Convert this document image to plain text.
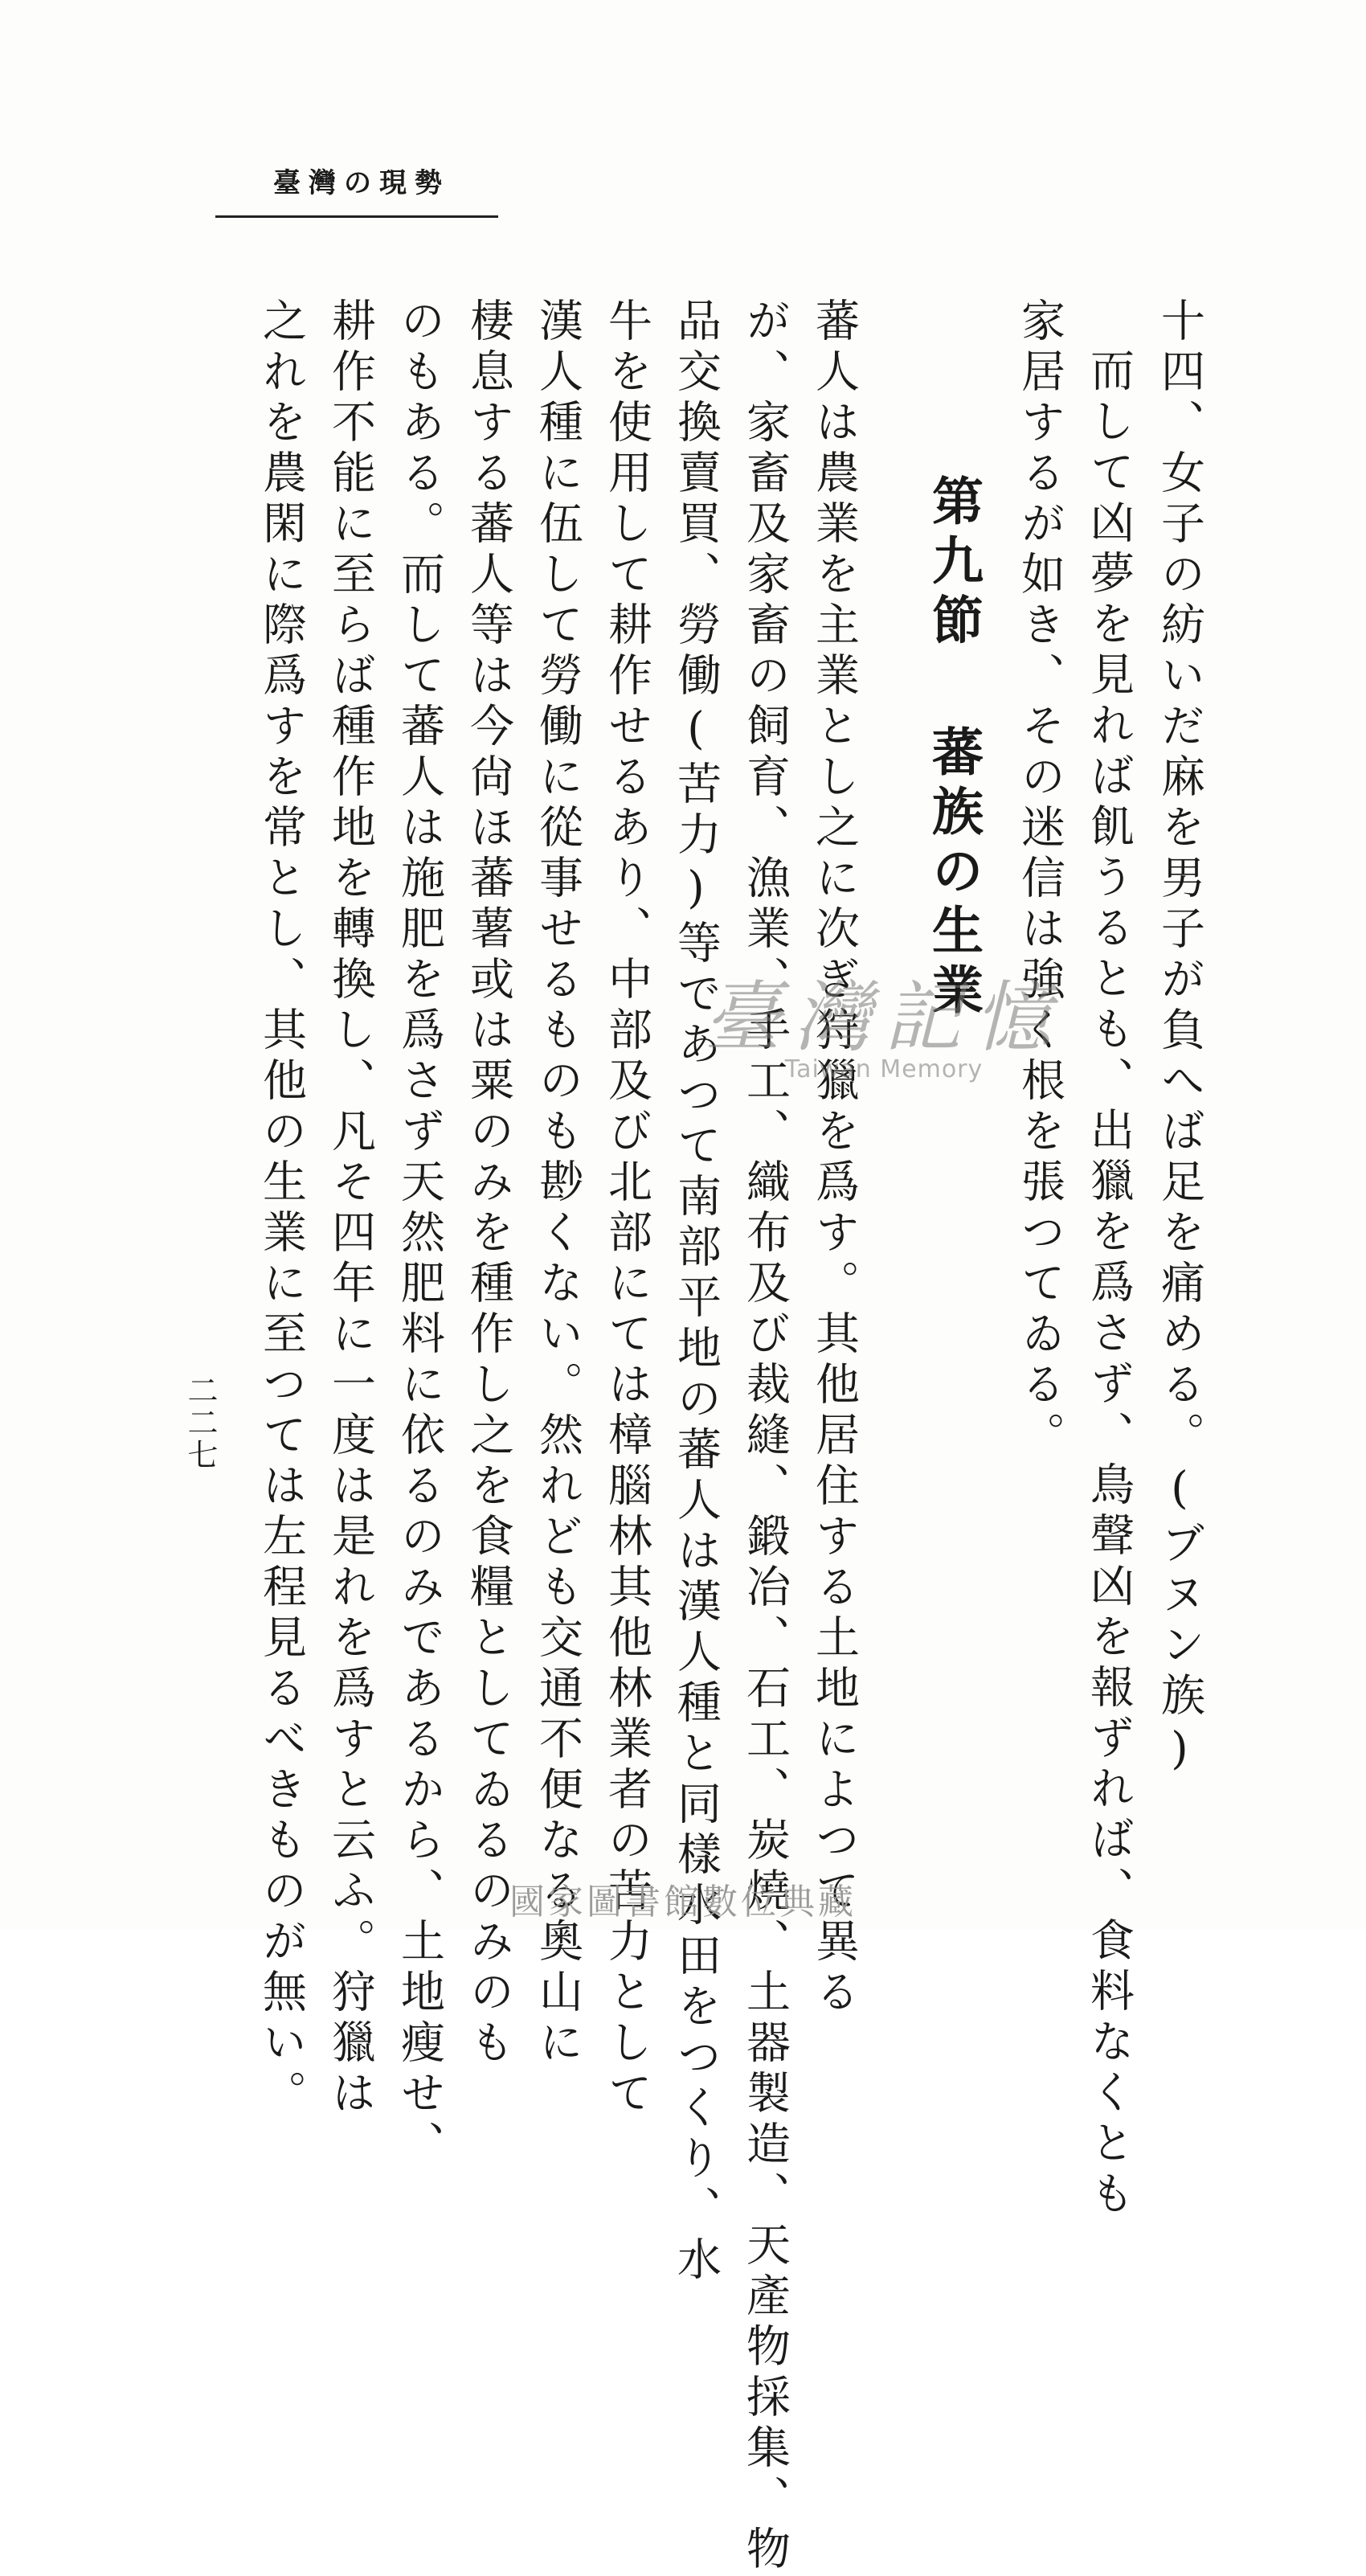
臺灣の現勢
十四、女子の紡いだ麻を男子が負へば足を痛める。(ブヌン族)
而して凶夢を見れば飢うるとも、出獵を爲さず、鳥聲凶を報ずれば、食料なくとも
家居するが如き、その迷信は強く根を張つてゐる。
第九節蕃族の生業
蕃人は農業を主業とし之に次ぎ狩獵を爲す。其他居住する土地によつて異る
が、家畜及家畜の飼育、漁業、手工、織布及び裁縫、鍛冶、石工、炭燒、土器製造、天產物採集、物
品交換賣買、勞働(苦力)等であつて南部平地の蕃人は漢人種と同樣水田をつくり、水
牛を使用して耕作せるあり、中部及び北部にては樟腦林其他林業者の苦力として
漢人種に伍して勞働に從事せるものも尠くない。然れども交通不便なる奧山に
棲息する蕃人等は今尙ほ蕃薯或は粟のみを種作し之を食糧としてゐるのみのも
のもある。而して蕃人は施肥を爲さず天然肥料に依るのみであるから、土地瘦せ、
耕作不能に至らば種作地を轉換し、凡そ四年に一度は是れを爲すと云ふ。狩獵は
之れを農閑に際爲すを常とし、其他の生業に至つては左程見るべきものが無い。
二二七
臺灣記憶
Taiwan Memory
國家圖書館數位典藏
